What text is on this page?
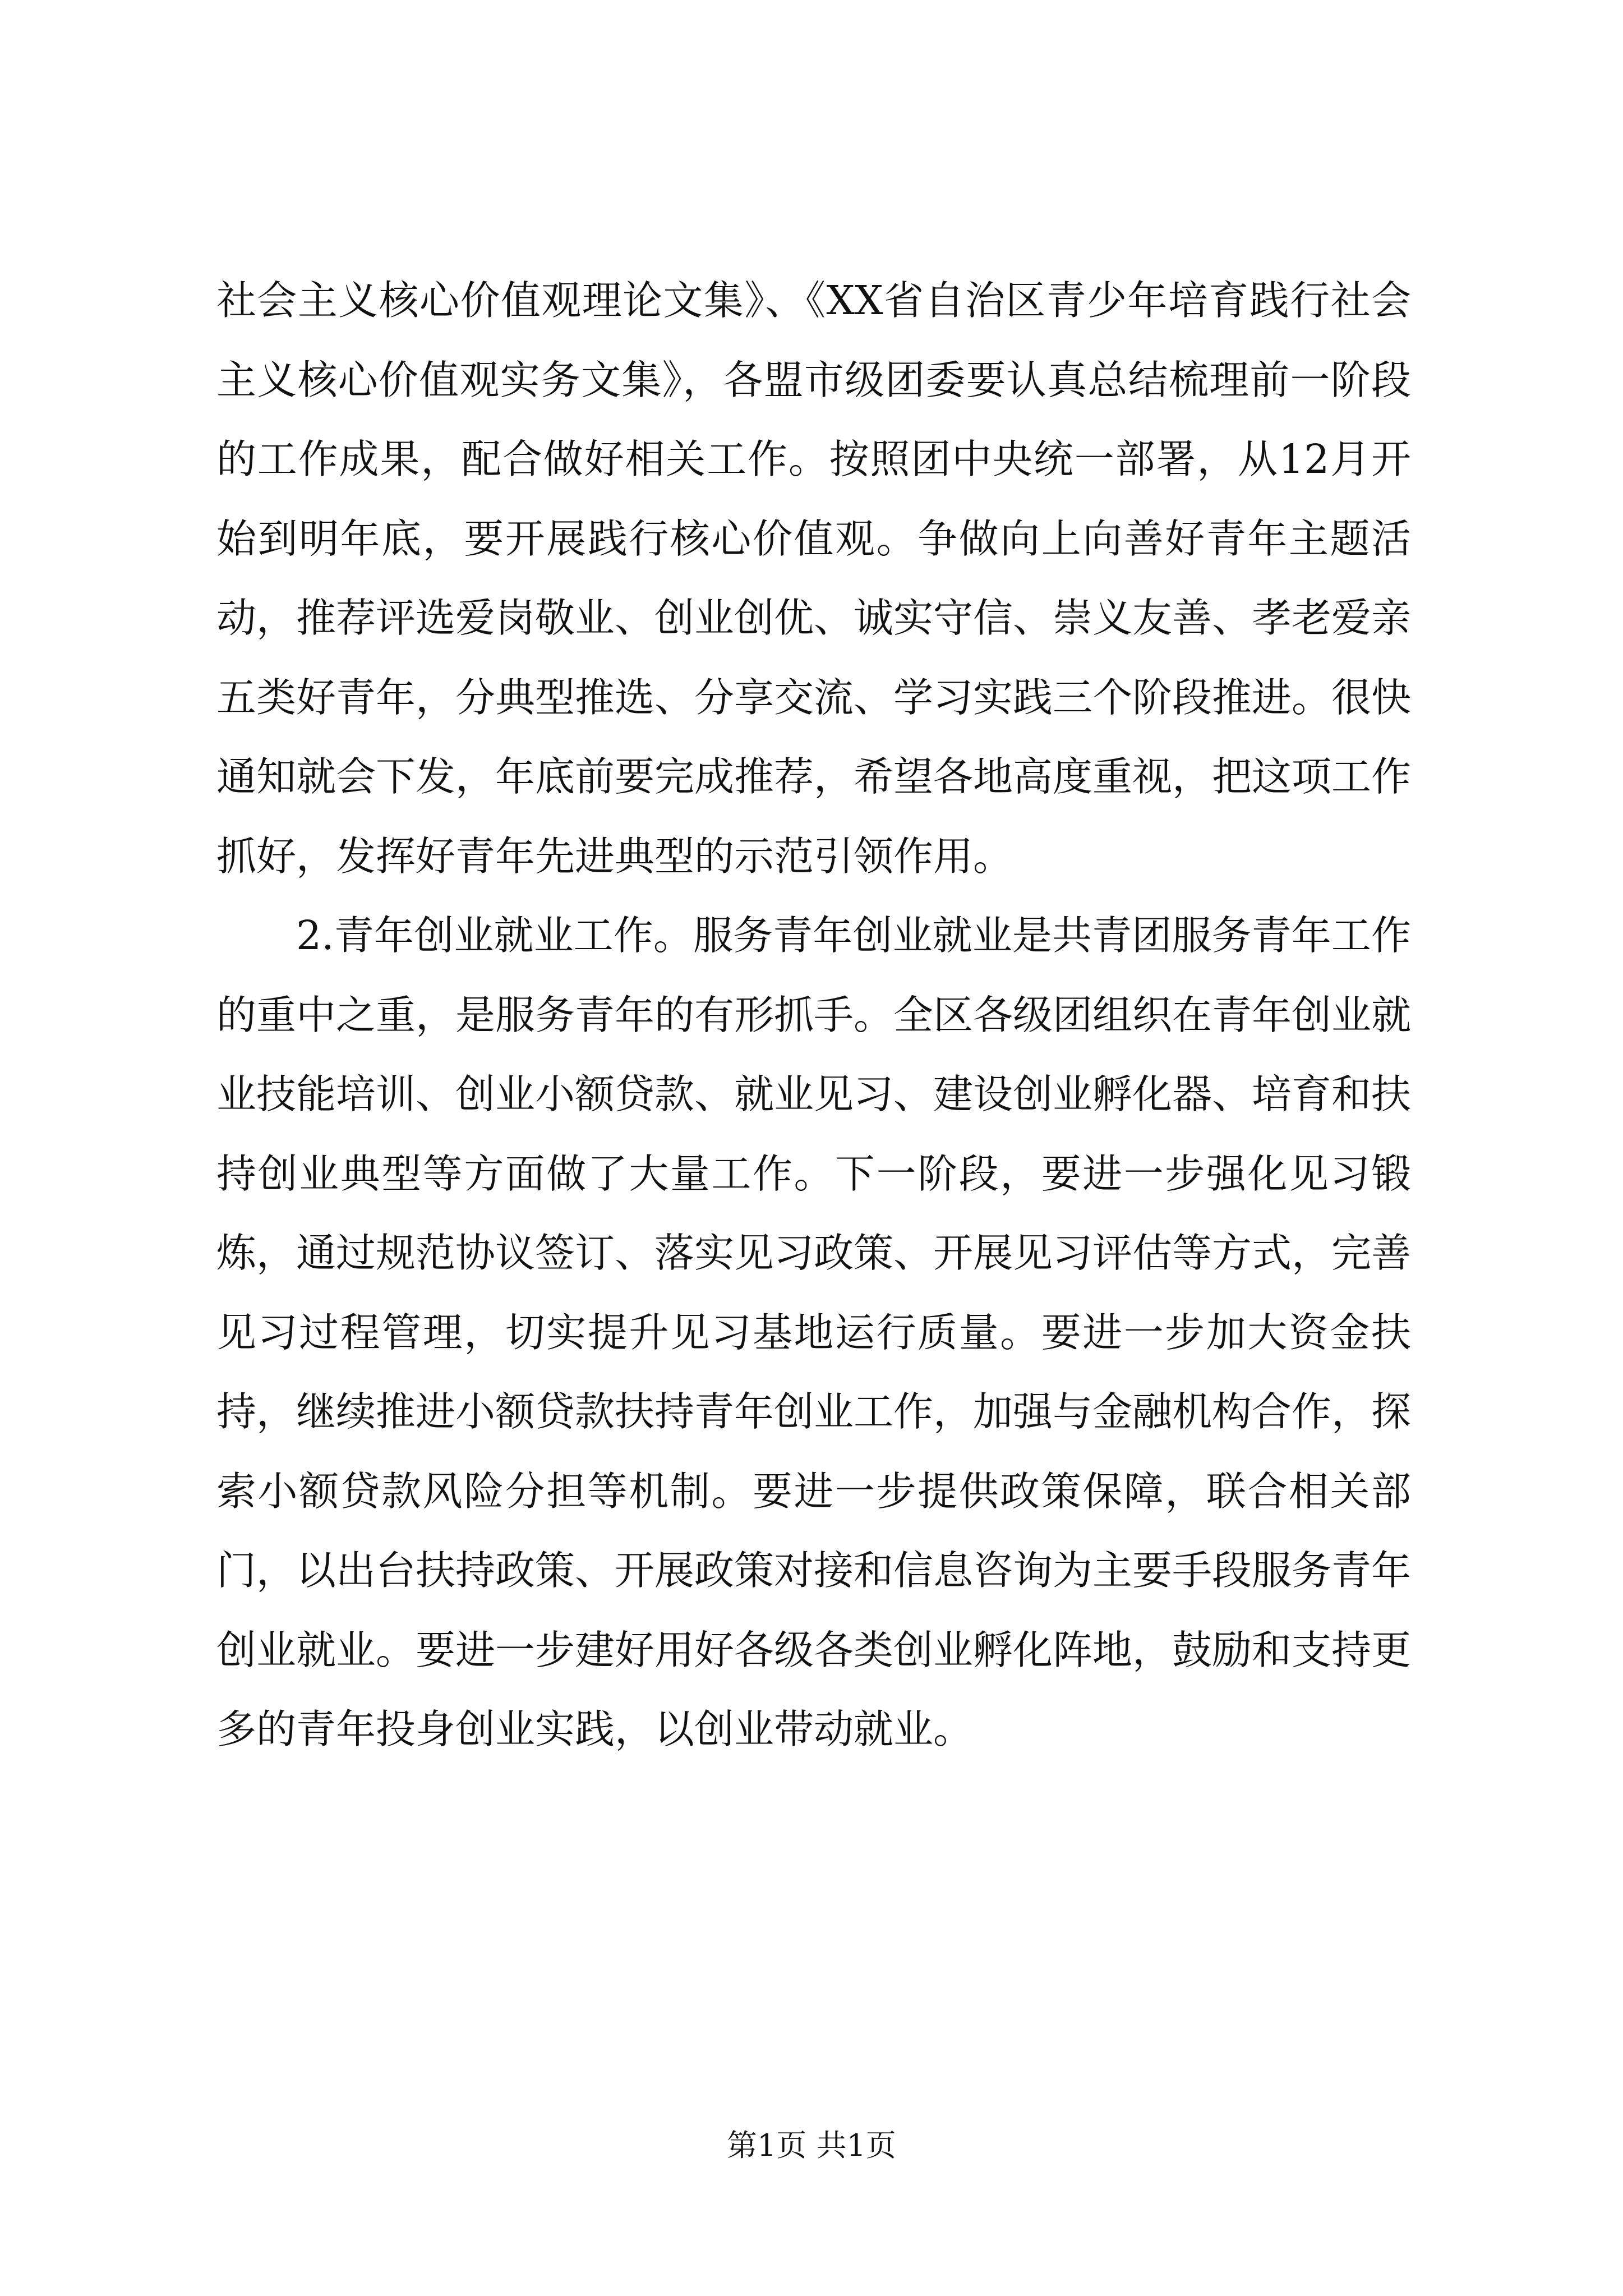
社会主义核心价值观理论文集》、《XX省自治区青少年培育践行社会主义核心价值观实务文集》，各盟市级团委要认真总结梳理前一阶段的工作成果，配合做好相关工作。按照团中央统一部署，从12月开始到明年底，要开展践行核心价值观。争做向上向善好青年主题活动，推荐评选爱岗敬业、创业创优、诚实守信、崇义友善、孝老爱亲五类好青年，分典型推选、分享交流、学习实践三个阶段推进。很快通知就会下发，年底前要完成推荐，希望各地高度重视，把这项工作抓好，发挥好青年先进典型的示范引领作用。

2.青年创业就业工作。服务青年创业就业是共青团服务青年工作的重中之重，是服务青年的有形抓手。全区各级团组织在青年创业就业技能培训、创业小额贷款、就业见习、建设创业孵化器、培育和扶持创业典型等方面做了大量工作。下一阶段，要进一步强化见习锻炼，通过规范协议签订、落实见习政策、开展见习评估等方式，完善见习过程管理，切实提升见习基地运行质量。要进一步加大资金扶持，继续推进小额贷款扶持青年创业工作，加强与金融机构合作，探索小额贷款风险分担等机制。要进一步提供政策保障，联合相关部门，以出台扶持政策、开展政策对接和信息咨询为主要手段服务青年创业就业。要进一步建好用好各级各类创业孵化阵地，鼓励和支持更多的青年投身创业实践，以创业带动就业。

第1页 共1页
